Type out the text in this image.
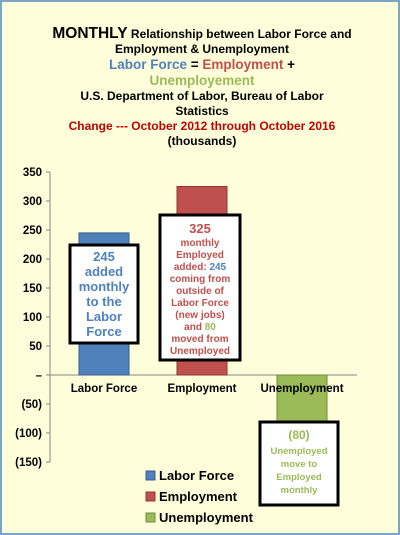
MONTHLY Relationship between Labor Force and
Employment & Unemployment
Labor Force = Employment +
Unemployement
U.S. Department of Labor, Bureau of Labor
Statistics
Change --- October 2012 through October 2016
(thousands)
350
300
250
200
150
100
50
–
(50)
(100)
(150)
Labor Force	Employment Unemployment
245
added
monthly
to the
Labor
Force
325
monthly
Employed
added: 245
coming from
outside of
Labor Force
(new jobs)
and 80
moved from
Unemployed
(80)
Unemployed
move to
Employed
monthly
Labor Force
Employment
Unemployment
